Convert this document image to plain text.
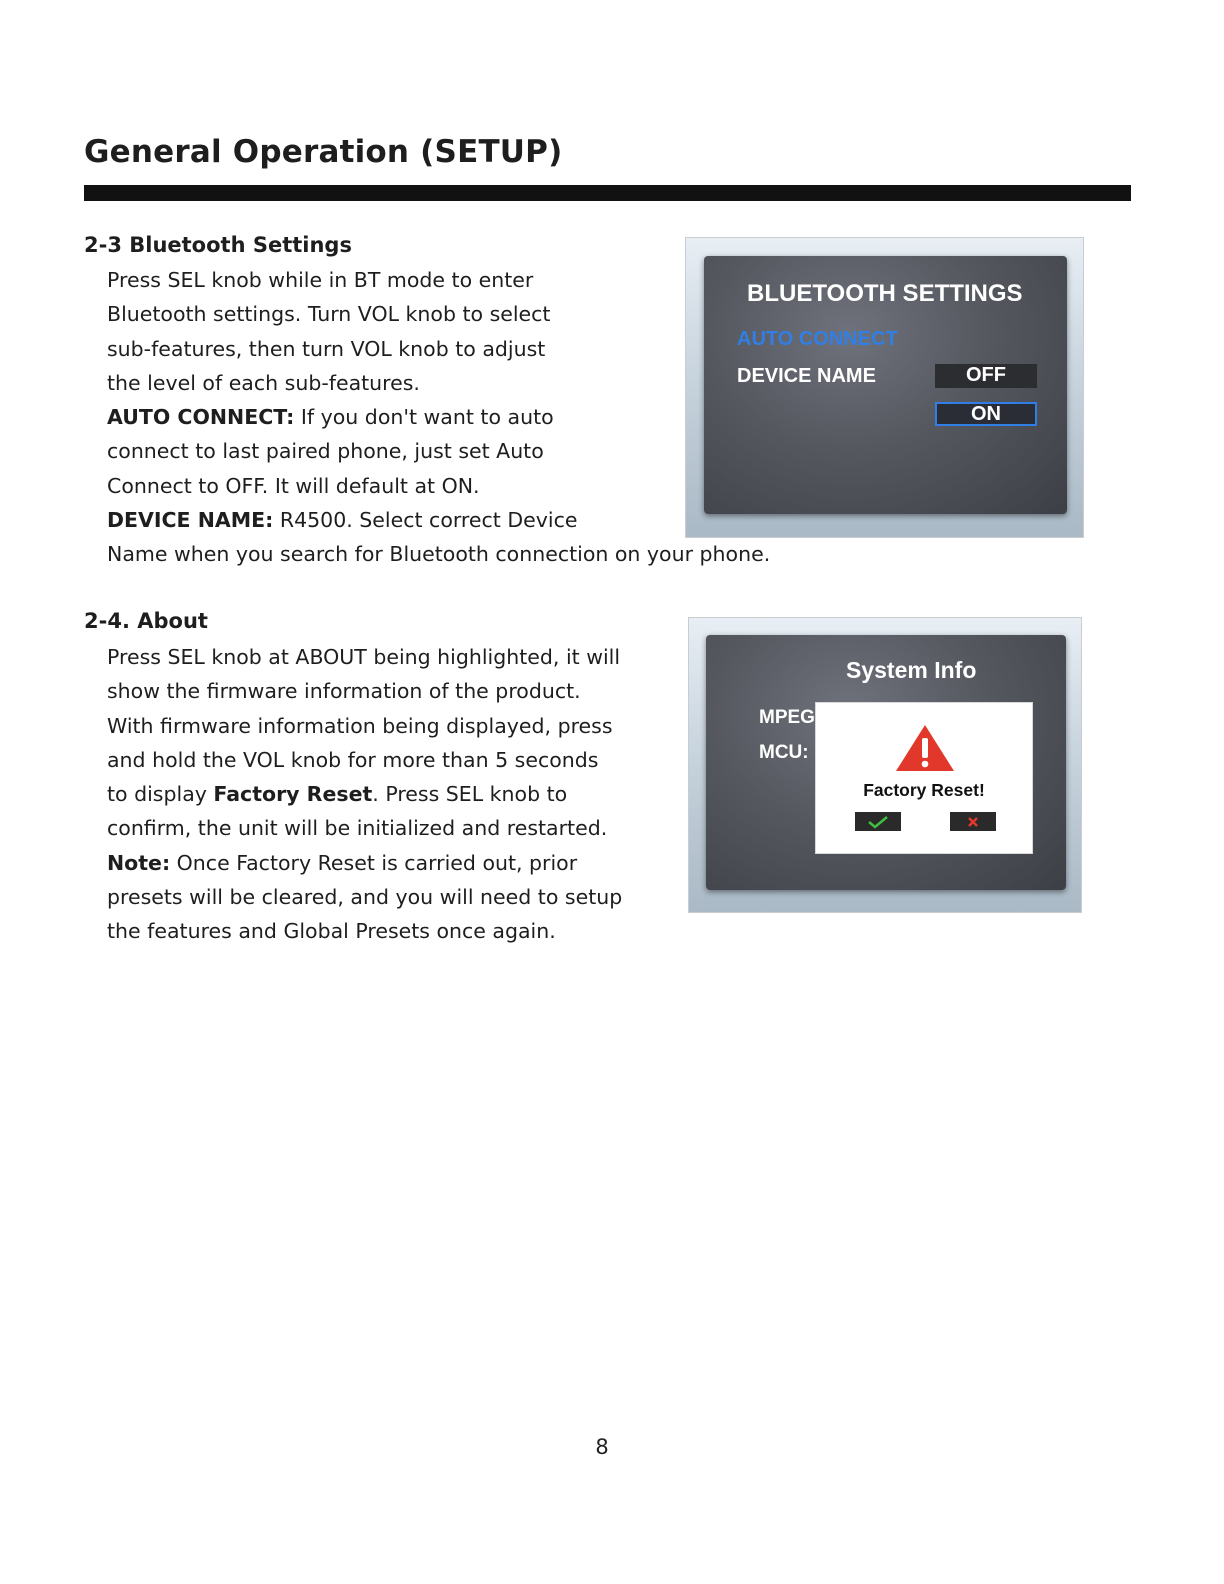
General Operation (SETUP)
2-3 Bluetooth Settings

Press SEL knob while in BT mode to enter

Bluetooth settings. Turn VOL knob to select

sub-features, then turn VOL knob to adjust

the level of each sub-features.

AUTO CONNECT: If you don't want to auto

connect to last paired phone, just set Auto

Connect to OFF. It will default at ON.

DEVICE NAME: R4500. Select correct Device

Name when you search for Bluetooth connection on your phone.

BLUETOOTH SETTINGS
AUTO CONNECT
DEVICE NAME	OFF
ON
2-4. About

Press SEL knob at ABOUT being highlighted, it will

show the firmware information of the product.

With firmware information being displayed, press

and hold the VOL knob for more than 5 seconds

to display Factory Reset. Press SEL knob to

confirm, the unit will be initialized and restarted.

Note: Once Factory Reset is carried out, prior

presets will be cleared, and you will need to setup

the features and Global Presets once again.

System Info
MPEG
MCU:
Factory Reset!
8
